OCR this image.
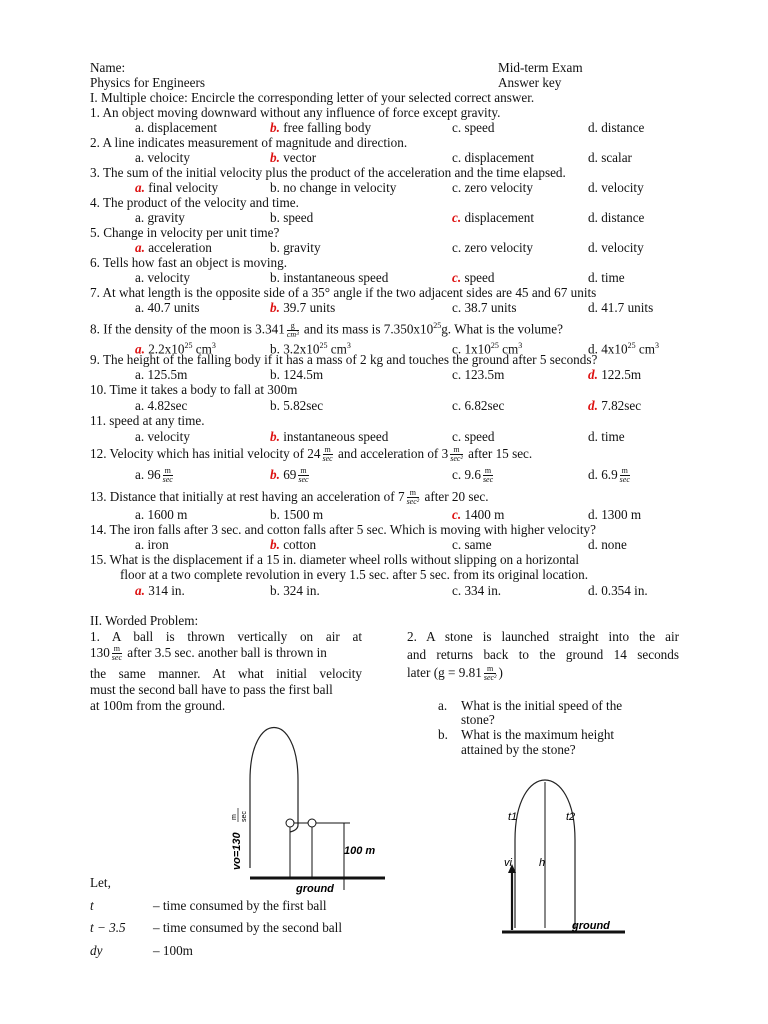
Name:	Mid-term Exam
Physics for Engineers	Answer key
I. Multiple choice: Encircle the corresponding letter of your selected correct answer.
1. An object moving downward without any influence of force except gravity.
a. displacement	b. free falling body	c. speed	d. distance
2. A line indicates measurement of magnitude and direction.
a. velocity	b. vector	c. displacement	d. scalar
3. The sum of the initial velocity plus the product of the acceleration and the time elapsed.
a. final velocity	b. no change in velocity	c. zero velocity	d. velocity
4. The product of the velocity and time.
a. gravity	b. speed	c. displacement	d. distance
5. Change in velocity per unit time?
a. acceleration	b. gravity	c. zero velocity	d. velocity
6. Tells how fast an object is moving.
a. velocity	b. instantaneous speed	c. speed	d. time
7. At what length is the opposite side of a 35° angle if the two adjacent sides are 45 and 67 units
a. 40.7 units	b. 39.7 units	c. 38.7 units	d. 41.7 units
8. If the density of the moon is $3.341 \frac{g}{\text{cm³}}$ and its mass is $7.350x10^{25}g$. What is the volume?
a. $2.2x10^{25}$ $cm^3$	b. $3.2x10^{25}$ $cm^3$	c. $1x10^{25}$ $cm^3$	d. $4x10^{25}$ $cm^3$
9. The height of the falling body if it has a mass of 2 kg and touches the ground after 5 seconds?
a. 125.5m	b. 124.5m	c. 123.5m	d. 122.5m
10. Time it takes a body to fall at 300m
a. 4.82sec	b. 5.82sec	c. 6.82sec	d. 7.82sec
11. speed at any time.
a. velocity	b. instantaneous speed	c. speed	d. time
12. Velocity which has initial velocity of $24 \frac{m}{\sec}$ and acceleration of $3 \frac{m}{\text{sec²}}$ after 15 sec.
a. $96 \frac{m}{\sec}$	b. $69 \frac{m}{\sec}$	c. $9.6 \frac{m}{\sec}$	d. $6.9 \frac{m}{\sec}$
13. Distance that initially at rest having an acceleration of $7 \frac{m}{\text{sec²}}$ after 20 sec.
a. 1600 m	b. 1500 m	c. 1400 m	d. 1300 m
14. The iron falls after 3 sec. and cotton falls after 5 sec. Which is moving with higher velocity?
a. iron	b. cotton	c. same	d. none
15. What is the displacement if a 15 in. diameter wheel rolls without slipping on a horizontal
floor at a two complete revolution in every 1.5 sec. after 5 sec. from its original location.
a. 314 in.	b. 324 in.	c. 334 in.	d. 0.354 in.
II. Worded Problem:
1. A ball is thrown vertically on air at
$130 \frac{m}{\sec}$ after 3.5 sec. another ball is thrown in
the same manner. At what initial velocity
must the second ball have to pass the first ball
at 100m from the ground.
2. A stone is launched straight into the air
and returns back to the ground 14 seconds
later ($g = 9.81 \frac{m}{\text{sec²}}$ )
a. What is the initial speed of the
stone?
b. What is the maximum height
attained by the stone?
100 m
ground
vo=130
m sec	t1	t2
vi h
ground
Let,
t	– time consumed by the first ball
t − 3.5 – time consumed by the second ball
dy	– 100m
